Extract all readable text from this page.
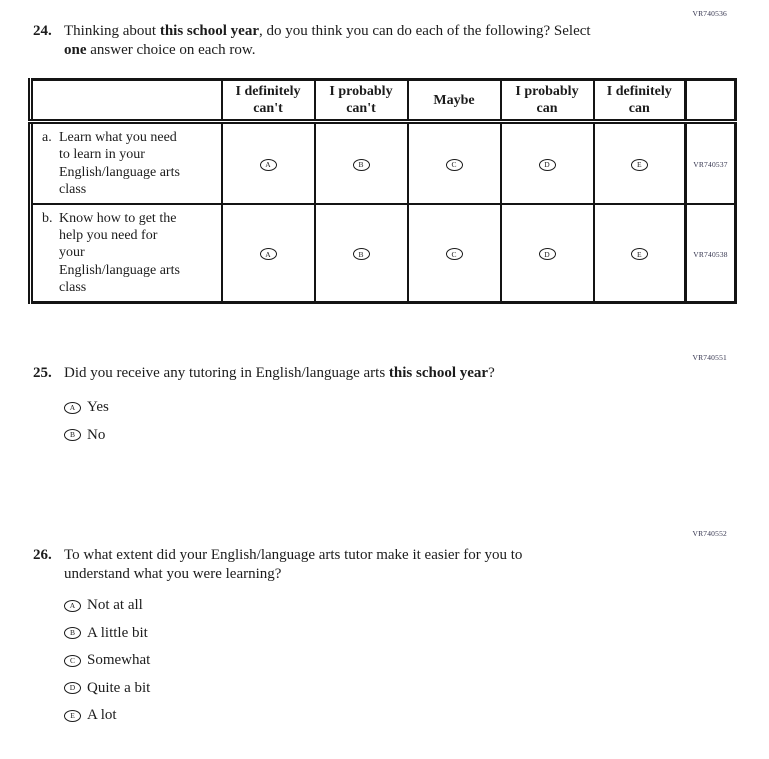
VR740536
24. Thinking about this school year, do you think you can do each of the following? Select
one answer choice on each row.
	I definitely can't	I probably can't	Maybe	I probably can	I definitely can	

a. Learn what you need
to learn in your
English/language arts
class	A	B	C	D	E	VR740537

b. Know how to get the
help you need for
your
English/language arts
class
	A	B	C	D	E	VR740538
VR740551
25. Did you receive any tutoring in English/language arts this school year?
A Yes
B No
VR740552
26. To what extent did your English/language arts tutor make it easier for you to
understand what you were learning?
A Not at all
B A little bit
C Somewhat
D Quite a bit
E A lot
